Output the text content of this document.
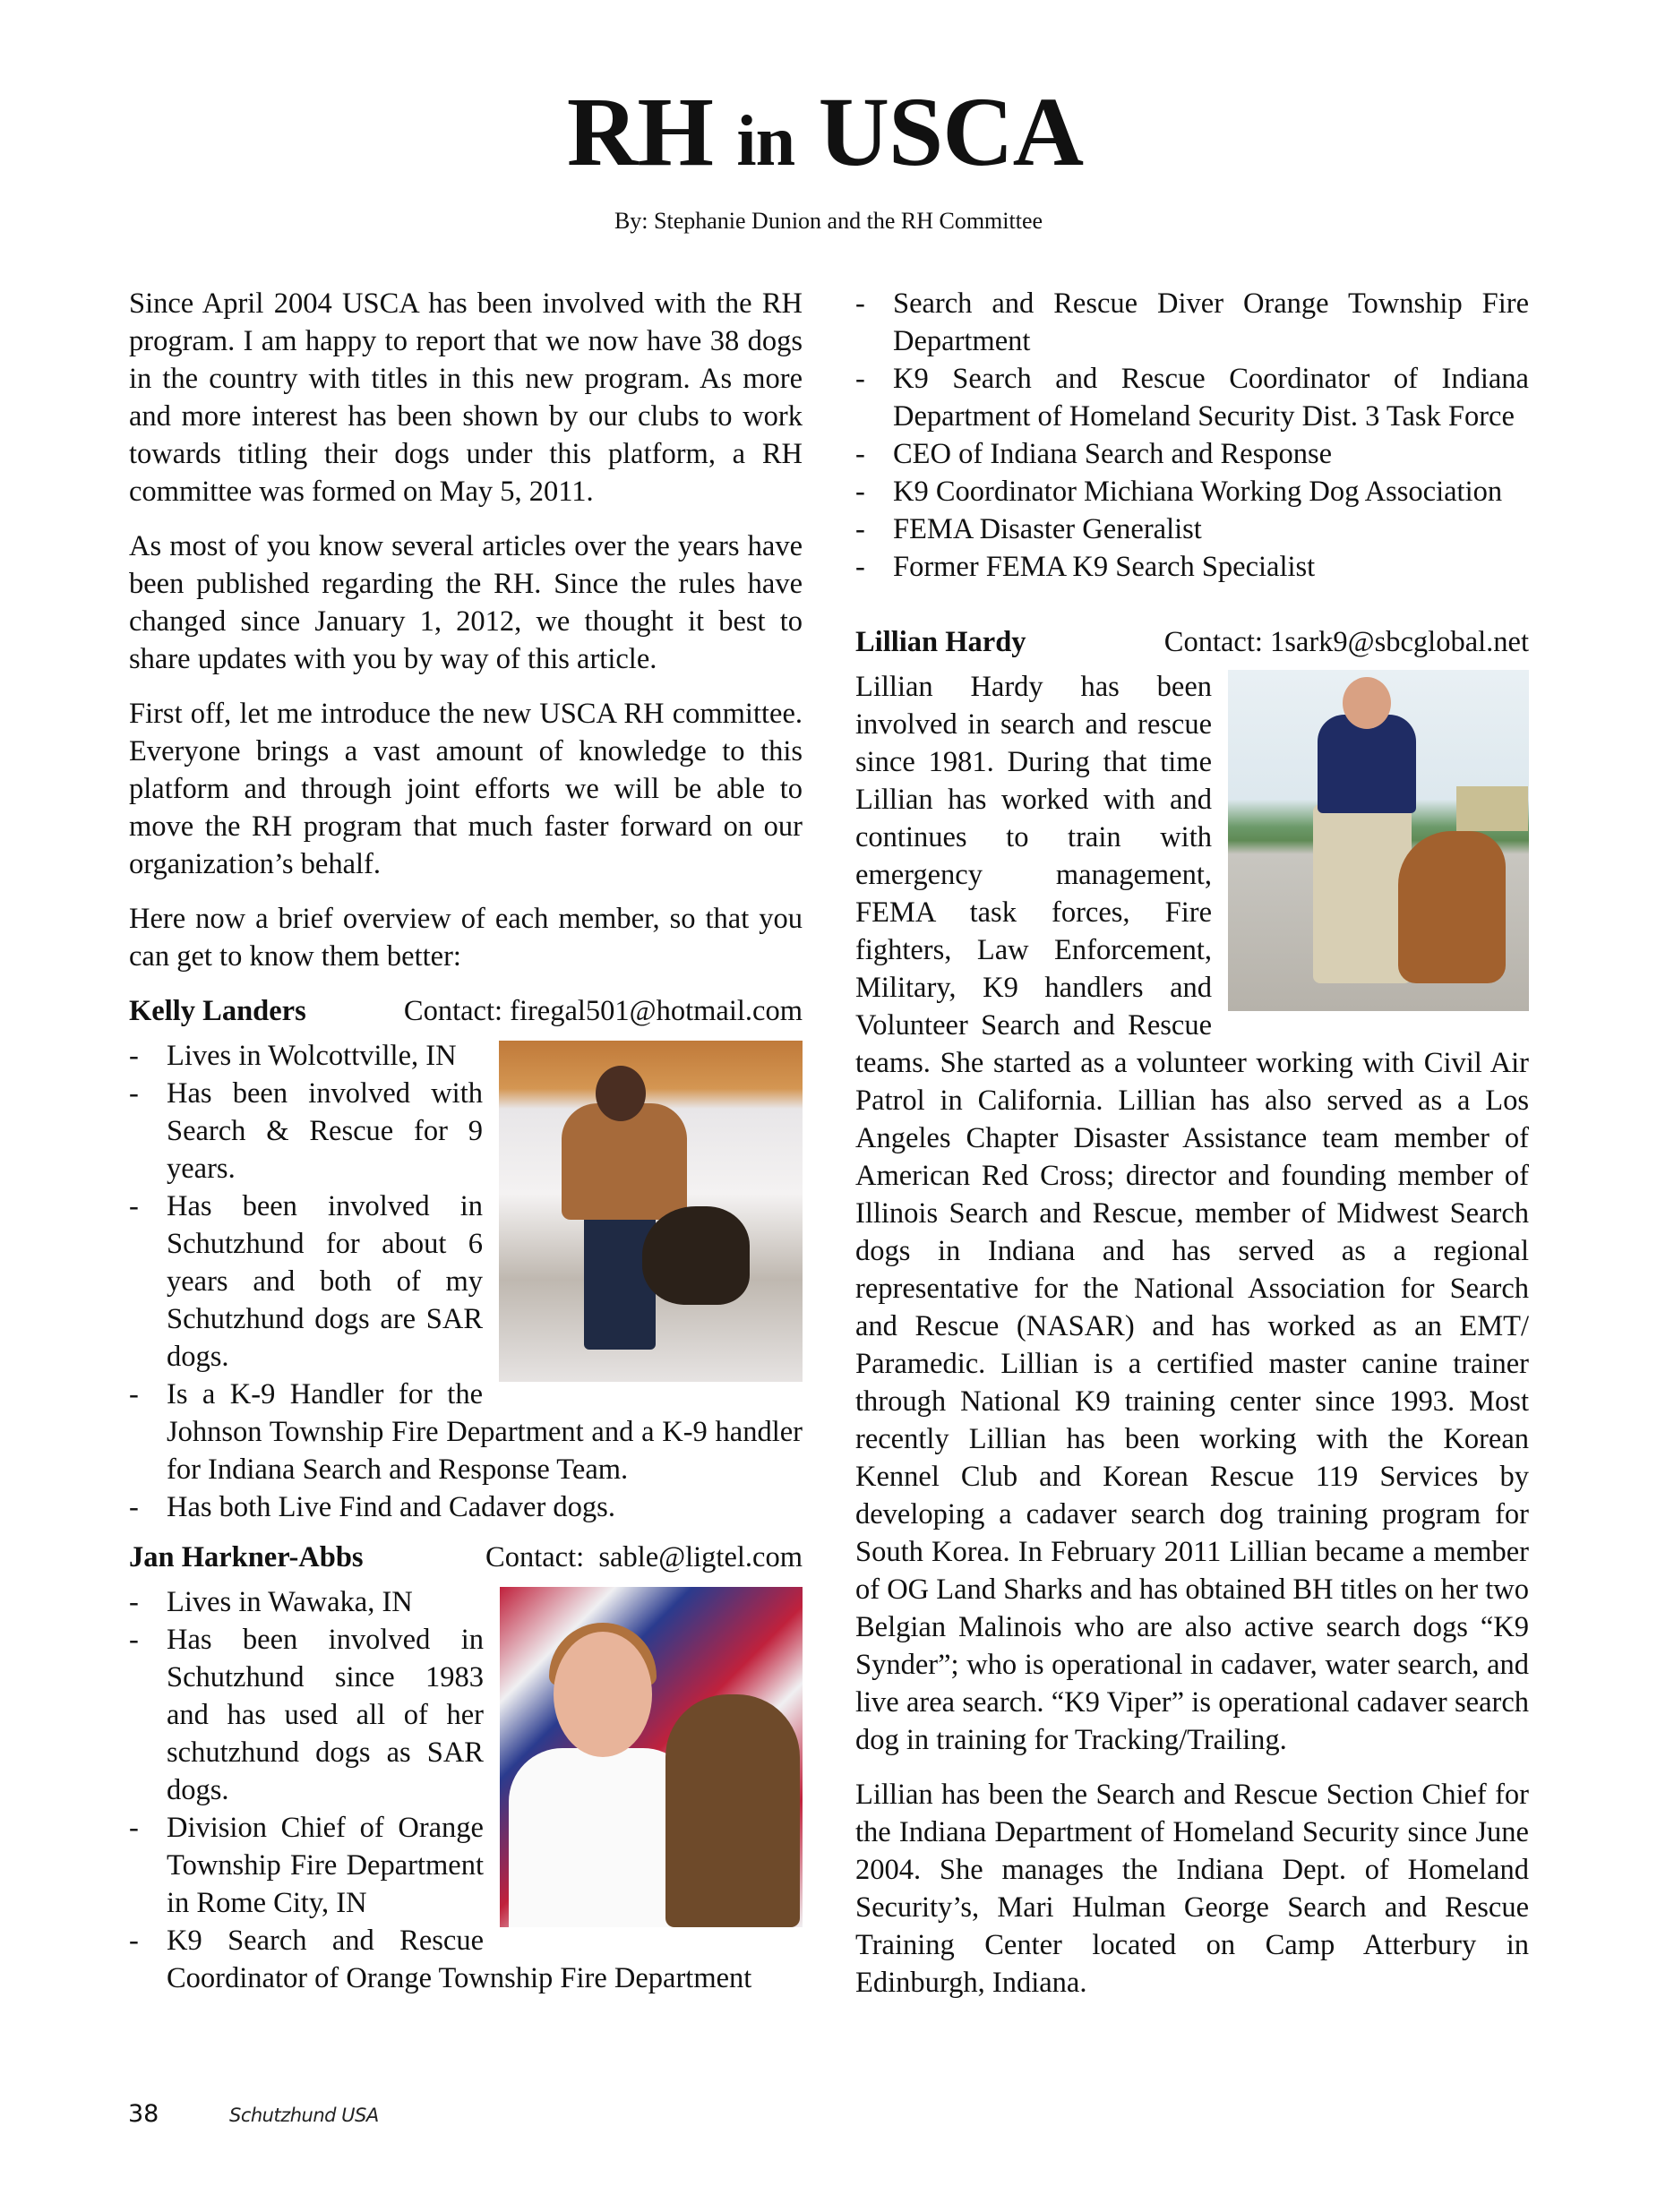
RH in USCA
By: Stephanie Dunion and the RH Committee

Since April 2004 USCA has been involved with the RH program. I am happy to report that we now have 38 dogs in the country with titles in this new program. As more and more interest has been shown by our clubs to work towards titling their dogs under this platform, a RH committee was formed on May 5, 2011.

As most of you know several articles over the years have been published regarding the RH. Since the rules have changed since January 1, 2012, we thought it best to share updates with you by way of this article.

First off, let me introduce the new USCA RH committee. Everyone brings a vast amount of knowledge to this platform and through joint efforts we will be able to move the RH program that much faster forward on our organization’s behalf.

Here now a brief overview of each member, so that you can get to know them better:

Kelly Landers	Contact: firegal501@hotmail.com
- Lives in Wolcottville, IN
- Has been involved with Search & Rescue for 9 years.
- Has been involved in Schutzhund for about 6 years and both of my Schutzhund dogs are SAR dogs.
- Is a K-9 Handler for the Johnson Township Fire Department and a K-9 handler for Indiana Search and Response Team.
- Has both Live Find and Cadaver dogs.
Jan Harkner-Abbs	Contact:  sable@ligtel.com
- Lives in Wawaka, IN
- Has been involved in Schutzhund since 1983 and has used all of her schutzhund dogs as SAR dogs.
- Division Chief of Orange Township Fire Department in Rome City, IN
- K9 Search and Rescue Coordinator of Orange Township Fire Department
- Search and Rescue Diver Orange Township Fire Department
- K9 Search and Rescue Coordinator of Indiana Department of Homeland Security Dist. 3 Task Force
- CEO of Indiana Search and Response
- K9 Coordinator Michiana Working Dog Association
- FEMA Disaster Generalist
- Former FEMA K9 Search Specialist
Lillian Hardy	Contact: 1sark9@sbcglobal.net

Lillian Hardy has been involved in search and rescue since 1981. During that time Lillian has worked with and continues to train with emergency management, FEMA task forces, Fire fighters, Law Enforcement, Military, K9 handlers and Volunteer Search and Rescue teams. She started as a volunteer working with Civil Air Patrol in California. Lillian has also served as a Los Angeles Chapter Disaster Assistance team member of American Red Cross; director and founding member of Illinois Search and Rescue, member of Midwest Search dogs in Indiana and has served as a regional representative for the National Association for Search and Rescue (NASAR) and has worked as an EMT/ Paramedic. Lillian is a certified master canine trainer through National K9 training center since 1993. Most recently Lillian has been working with the Korean Kennel Club and Korean Rescue 119 Services by developing a cadaver search dog training program for South Korea. In February 2011 Lillian became a member of OG Land Sharks and has obtained BH titles on her two Belgian Malinois who are also active search dogs “K9 Synder”; who is operational in cadaver, water search, and live area search. “K9 Viper” is operational cadaver search dog in training for Tracking/Trailing.

Lillian has been the Search and Rescue Section Chief for the Indiana Department of Homeland Security since June 2004. She manages the Indiana Dept. of Homeland Security’s, Mari Hulman George Search and Rescue Training Center located on Camp Atterbury in Edinburgh, Indiana.

38	Schutzhund USA
